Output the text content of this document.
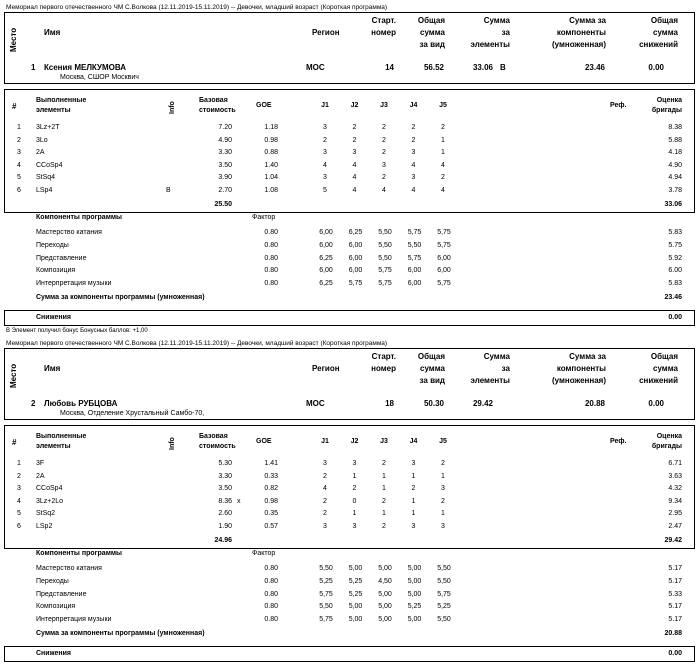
Мемориал первого отечественного ЧМ С.Волкова (12.11.2019-15.11.2019) -- Девочки, младший возраст (Короткая программа)
Место	Имя	Регион
Старт.
номер
Общая
сумма
за вид
Сумма
за
элементы
Сумма за
компоненты
(умноженная)
Общая
сумма
снижений
1 Ксения МЕЛКУМОВА
Москва, СШОР Москвич
МОС	14	56.52	33.06 B	23.46	0.00
#
Выполненные
элементы	Info
Базовая
стоимость
GOE	J1	J2	J3	J4	J5	Реф.
Оценка
бригады
1 3Lz+2T	7.20	1.18	3	2	2	2	2	8.38
2 3Lo	4.90	0.98	2	2	2	2	1	5.88
3 2A	3.30	0.88	3	3	2	3	1	4.18
4 CCoSp4	3.50	1.40	4	4	3	4	4	4.90
5 StSq4	3.90	1.04	3	4	2	3	2	4.94
6 LSp4	B	2.70	1.08	5	4	4	4	4	3.78
25.50	33.06
Компоненты программы	Фактор
Мастерство катания	0.80	6,00	6,25	5,50	5,75	5,75	5.83
Переходы	0.80	6,00	6,00	5,50	5,50	5,75	5.75
Представление	0.80	6,25	6,00	5,50	5,75	6,00	5.92
Композиция	0.80	6,00	6,00	5,75	6,00	6,00	6.00
Интерпретация музыки	0.80	6,25	5,75	5,75	6,00	5,75	5.83
Сумма за компоненты программы (умноженная)	23.46
Снижения	0.00
Мемориал первого отечественного ЧМ С.Волкова (12.11.2019-15.11.2019) -- Девочки, младший возраст (Короткая программа)
Место	Имя	Регион
Старт.
номер
Общая
сумма
за вид
Сумма
за
элементы
Сумма за
компоненты
(умноженная)
Общая
сумма
снижений
2 Любовь РУБЦОВА
Москва, Отделение Хрустальный Самбо-70,
МОС	18	50.30	29.42	20.88	0.00
#
Выполненные
элементы	Info
Базовая
стоимость
GOE	J1	J2	J3	J4	J5	Реф.
Оценка
бригады
1 3F	5.30	1.41	3	3	2	3	2	6.71
2 2A	3.30	0.33	2	1	1	1	1	3.63
3 CCoSp4	3.50	0.82	4	2	1	2	3	4.32
4 3Lz+2Lo	8.36 x	0.98	2	0	2	1	2	9.34
5 StSq2	2.60	0.35	2	1	1	1	1	2.95
6 LSp2	1.90	0.57	3	3	2	3	3	2.47
24.96	29.42
Компоненты программы	Фактор
Мастерство катания	0.80	5,50	5,00	5,00	5,00	5,50	5.17
Переходы	0.80	5,25	5,25	4,50	5,00	5,50	5.17
Представление	0.80	5,75	5,25	5,00	5,00	5,75	5.33
Композиция	0.80	5,50	5,00	5,00	5,25	5,25	5.17
Интерпретация музыки	0.80	5,75	5,00	5,00	5,00	5,50	5.17
Сумма за компоненты программы (умноженная)	20.88
Снижения	0.00
B Элемент получил бонус Бонусных баллов: +1,00
